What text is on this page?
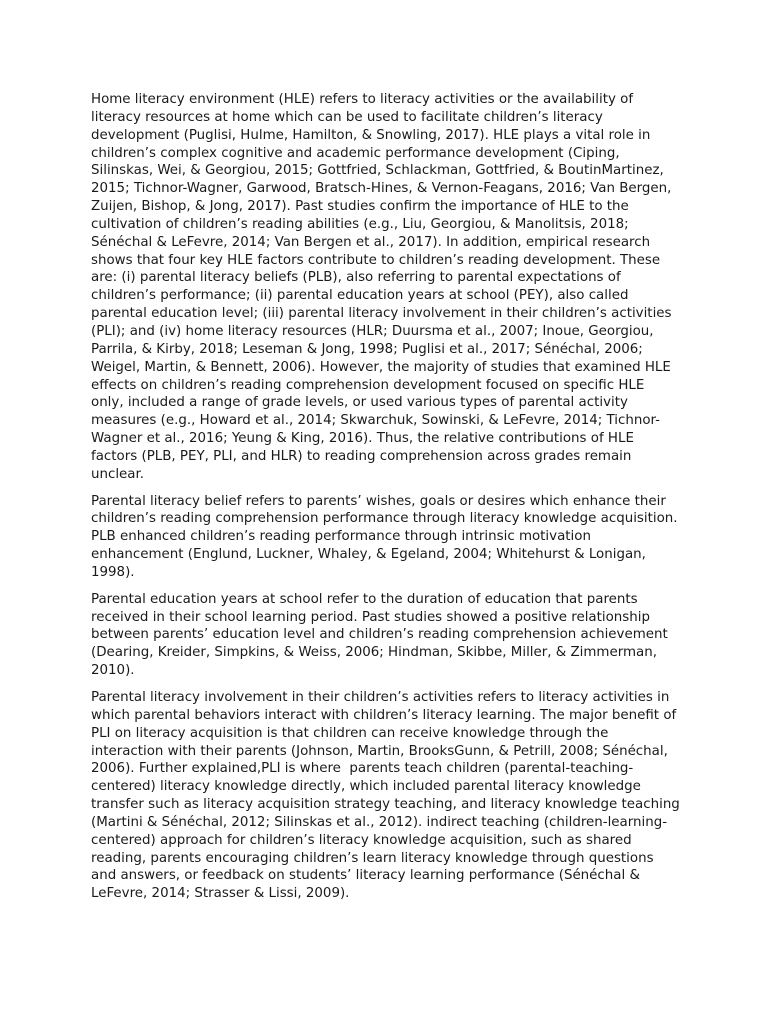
Home literacy environment (HLE) refers to literacy activities or the availability of literacy resources at home which can be used to facilitate children’s literacy development (Puglisi, Hulme, Hamilton, & Snowling, 2017). HLE plays a vital role in children’s complex cognitive and academic performance development (Ciping, Silinskas, Wei, & Georgiou, 2015; Gottfried, Schlackman, Gottfried, & BoutinMartinez, 2015; Tichnor-Wagner, Garwood, Bratsch-Hines, & Vernon-Feagans, 2016; Van Bergen, Zuijen, Bishop, & Jong, 2017). Past studies confirm the importance of HLE to the cultivation of children’s reading abilities (e.g., Liu, Georgiou, & Manolitsis, 2018; Sénéchal & LeFevre, 2014; Van Bergen et al., 2017). In addition, empirical research shows that four key HLE factors contribute to children’s reading development. These are: (i) parental literacy beliefs (PLB), also referring to parental expectations of children’s performance; (ii) parental education years at school (PEY), also called parental education level; (iii) parental literacy involvement in their children’s activities (PLI); and (iv) home literacy resources (HLR; Duursma et al., 2007; Inoue, Georgiou, Parrila, & Kirby, 2018; Leseman & Jong, 1998; Puglisi et al., 2017; Sénéchal, 2006; Weigel, Martin, & Bennett, 2006). However, the majority of studies that examined HLE effects on children’s reading comprehension development focused on specific HLE only, included a range of grade levels, or used various types of parental activity measures (e.g., Howard et al., 2014; Skwarchuk, Sowinski, & LeFevre, 2014; Tichnor-Wagner et al., 2016; Yeung & King, 2016). Thus, the relative contributions of HLE factors (PLB, PEY, PLI, and HLR) to reading comprehension across grades remain unclear.

Parental literacy belief refers to parents’ wishes, goals or desires which enhance their children’s reading comprehension performance through literacy knowledge acquisition. PLB enhanced children’s reading performance through intrinsic motivation enhancement (Englund, Luckner, Whaley, & Egeland, 2004; Whitehurst & Lonigan, 1998).

Parental education years at school refer to the duration of education that parents received in their school learning period. Past studies showed a positive relationship between parents’ education level and children’s reading comprehension achievement (Dearing, Kreider, Simpkins, & Weiss, 2006; Hindman, Skibbe, Miller, & Zimmerman, 2010).

Parental literacy involvement in their children’s activities refers to literacy activities in which parental behaviors interact with children’s literacy learning. The major benefit of PLI on literacy acquisition is that children can receive knowledge through the interaction with their parents (Johnson, Martin, BrooksGunn, & Petrill, 2008; Sénéchal, 2006). Further explained,PLI is where  parents teach children (parental-teaching-centered) literacy knowledge directly, which included parental literacy knowledge transfer such as literacy acquisition strategy teaching, and literacy knowledge teaching (Martini & Sénéchal, 2012; Silinskas et al., 2012). indirect teaching (children-learning-centered) approach for children’s literacy knowledge acquisition, such as shared reading, parents encouraging children’s learn literacy knowledge through questions and answers, or feedback on students’ literacy learning performance (Sénéchal & LeFevre, 2014; Strasser & Lissi, 2009).
